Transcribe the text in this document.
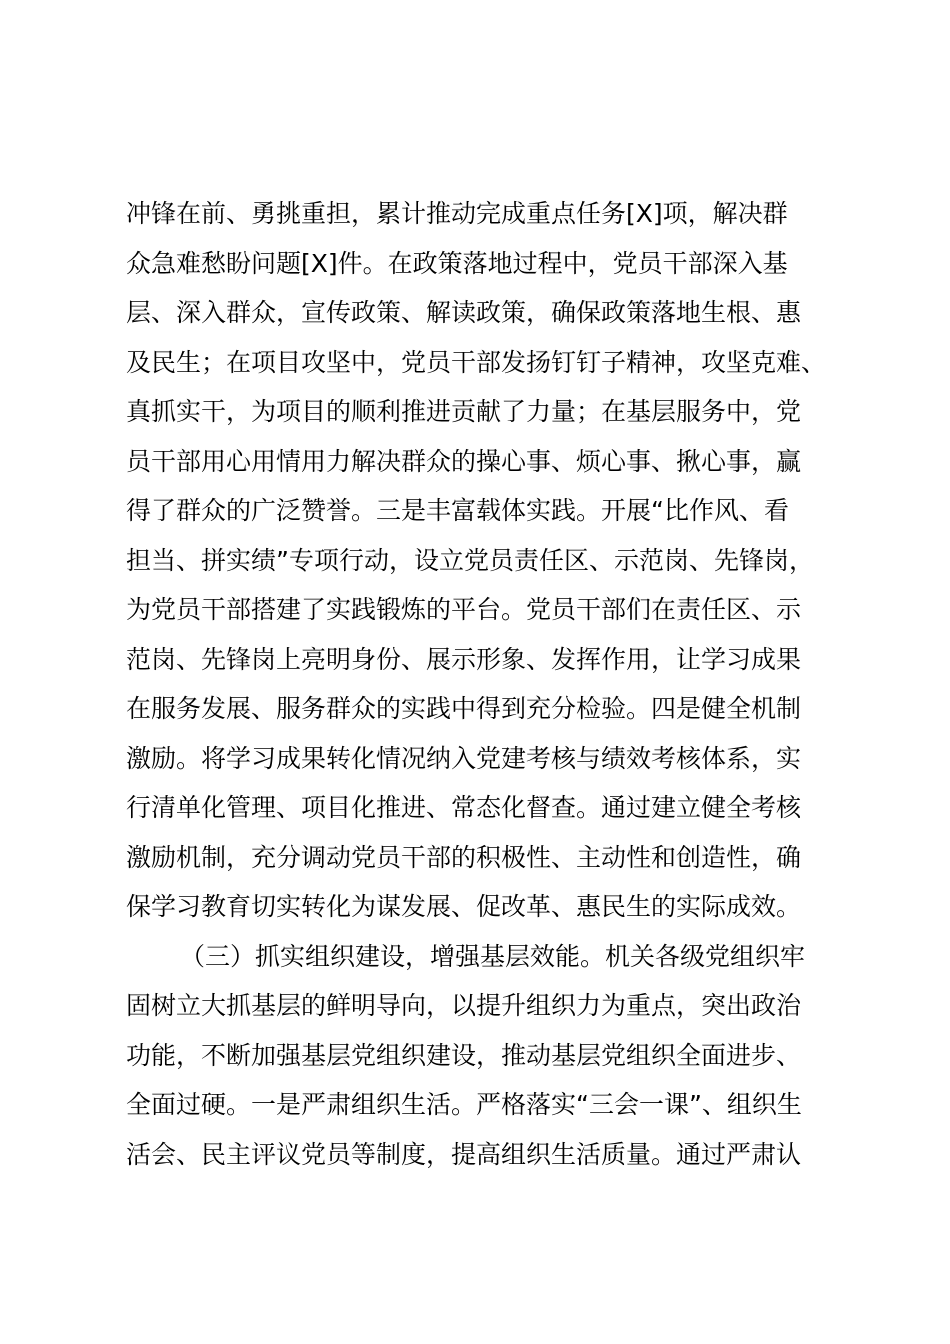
冲锋在前、勇挑重担，累计推动完成重点任务[X]项，解决群
众急难愁盼问题[X]件。在政策落地过程中，党员干部深入基
层、深入群众，宣传政策、解读政策，确保政策落地生根、惠
及民生；在项目攻坚中，党员干部发扬钉钉子精神，攻坚克难、
真抓实干，为项目的顺利推进贡献了力量；在基层服务中，党
员干部用心用情用力解决群众的操心事、烦心事、揪心事，赢
得了群众的广泛赞誉。三是丰富载体实践。开展“比作风、看
担当、拼实绩”专项行动，设立党员责任区、示范岗、先锋岗，
为党员干部搭建了实践锻炼的平台。党员干部们在责任区、示
范岗、先锋岗上亮明身份、展示形象、发挥作用，让学习成果
在服务发展、服务群众的实践中得到充分检验。四是健全机制
激励。将学习成果转化情况纳入党建考核与绩效考核体系，实
行清单化管理、项目化推进、常态化督查。通过建立健全考核
激励机制，充分调动党员干部的积极性、主动性和创造性，确
保学习教育切实转化为谋发展、促改革、惠民生的实际成效。
（三）抓实组织建设，增强基层效能。机关各级党组织牢
固树立大抓基层的鲜明导向，以提升组织力为重点，突出政治
功能，不断加强基层党组织建设，推动基层党组织全面进步、
全面过硬。一是严肃组织生活。严格落实“三会一课”、组织生
活会、民主评议党员等制度，提高组织生活质量。通过严肃认
